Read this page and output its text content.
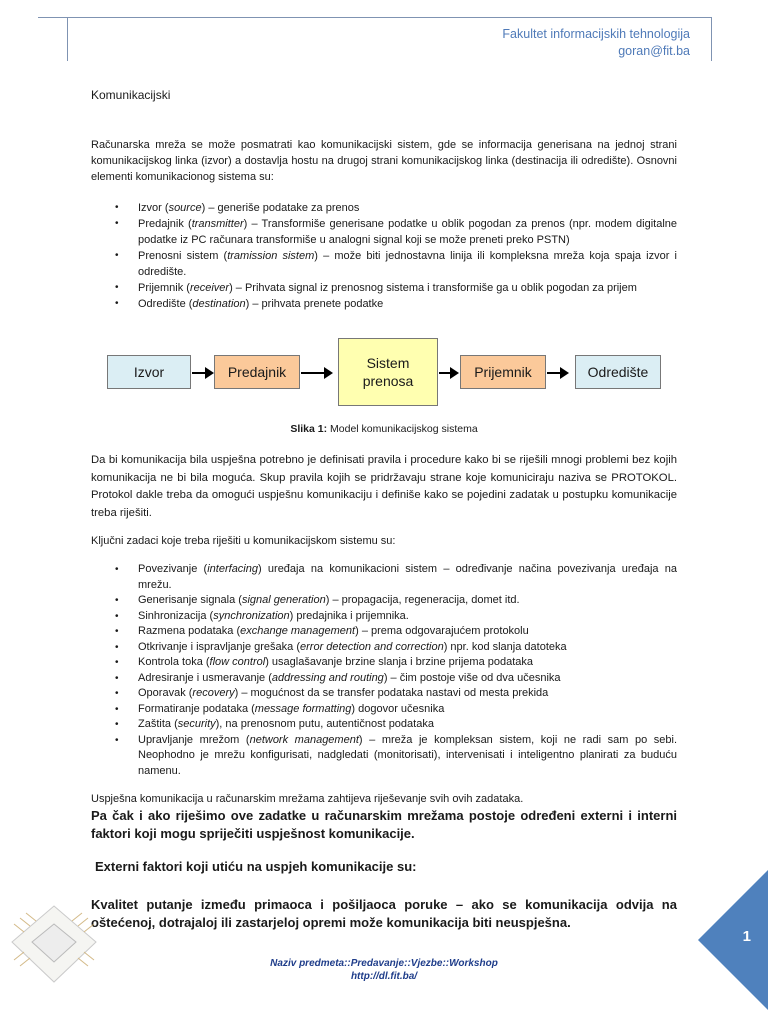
Fakultet informacijskih tehnologija
goran@fit.ba
Komunikacijski

Računarska mreža se može posmatrati kao komunikacijski sistem, gde se informacija generisana na jednoj strani komunikacijskog linka (izvor) a dostavlja hostu na drugoj strani komunikacijskog linka (destinacija ili odredište). Osnovni elementi komunikacionog sistema su:

• Izvor (source) – generiše podatake za prenos
• Predajnik (transmitter) – Transformiše generisane podatke u oblik pogodan za prenos (npr. modem digitalne podatke iz PC računara transformiše u analogni signal koji se može preneti preko PSTN)
• Prenosni sistem (tramission sistem) – može biti jednostavna linija ili kompleksna mreža koja spaja izvor i odredište.
• Prijemnik (receiver) – Prihvata signal iz prenosnog sistema i transformiše ga u oblik pogodan za prijem
• Odredište (destination) – prihvata prenete podatke
Izvor	Predajnik
Sistem
prenosa
Prijemnik	Odredište
Slika 1: Model komunikacijskog sistema

Da bi komunikacija bila uspješna potrebno je definisati pravila i procedure kako bi se riješili mnogi problemi bez kojih komunikacija ne bi bila moguća. Skup pravila kojih se pridržavaju strane koje komuniciraju naziva se PROTOKOL. Protokol dakle treba da omogući uspješnu komunikaciju i definiše kako se pojedini zadatak u postupku komunikacije treba riješiti.

Ključni zadaci koje treba riješiti u komunikacijskom sistemu su:

• Povezivanje (interfacing) uređaja na komunikacioni sistem – određivanje načina povezivanja uređaja na mrežu.
• Generisanje signala (signal generation) – propagacija, regeneracija, domet itd.
• Sinhronizacija (synchronization) predajnika i prijemnika.
• Razmena podataka (exchange management) – prema odgovarajućem protokolu
• Otkrivanje i ispravljanje grešaka (error detection and correction) npr. kod slanja datoteka
• Kontrola toka (flow control) usaglašavanje brzine slanja i brzine prijema podataka
• Adresiranje i usmeravanje (addressing and routing) – čim postoje više od dva učesnika
• Oporavak (recovery) – mogućnost da se transfer podataka nastavi od mesta prekida
• Formatiranje podataka (message formatting) dogovor učesnika
• Zaštita (security), na prenosnom putu, autentičnost podataka
• Upravljanje mrežom (network management) – mreža je kompleksan sistem, koji ne radi sam po sebi. Neophodno je mrežu konfigurisati, nadgledati (monitorisati), intervenisati i inteligentno planirati za buduću namenu.

Uspješna komunikacija u računarskim mrežama zahtijeva riješevanje svih ovih zadataka.

Pa čak i ako riješimo ove zadatke u računarskim mrežama postoje određeni externi i interni faktori koji mogu spriječiti uspješnost komunikacije.
Externi faktori koji utiću na uspjeh komunikacije su:
Kvalitet putanje između primaoca i pošiljaoca poruke – ako se komunikacija odvija na oštećenoj, dotrajaloj ili zastarjeloj opremi može komunikacija biti neuspješna.
Naziv predmeta::Predavanje::Vjezbe::Workshop
http://dl.fit.ba/
1
